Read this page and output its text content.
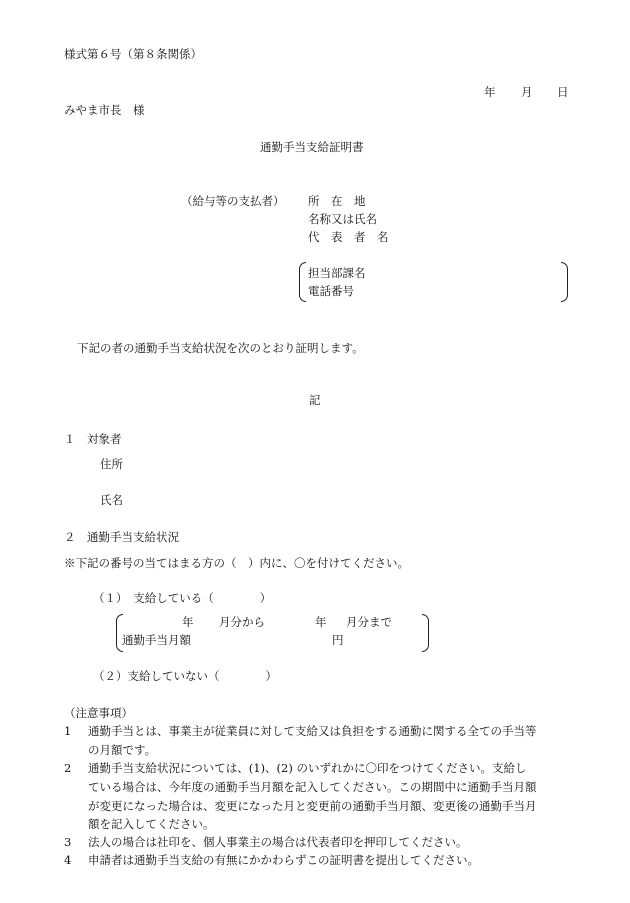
様式第６号（第８条関係）
年 月 日
みやま市長　様
通勤手当支給証明書
（給与等の支払者） 所　在　地
名称又は氏名
代　表　者　名
担当部課名
電話番号
下記の者の通勤手当支給状況を次のとおり証明します。
記
１　対象者
住所
氏名
２　通勤手当支給状況
※下記の番号の当てはまる方の（　）内に、〇を付けてください。
（１）　支給している（　　　　）
年 月分から	年 月分まで
通勤手当月額	円
（２）支給していない（　　　　）
（注意事項）
1 通勤手当とは、事業主が従業員に対して支給又は負担をする通勤に関する全ての手当等
の月額です。
2 通勤手当支給状況については、(1)、(2) のいずれかに〇印をつけてください。支給し
ている場合は、今年度の通勤手当月額を記入してください。この期間中に通勤手当月額
が変更になった場合は、変更になった月と変更前の通勤手当月額、変更後の通勤手当月
額を記入してください。
3 法人の場合は社印を、個人事業主の場合は代表者印を押印してください。
4 申請者は通勤手当支給の有無にかかわらずこの証明書を提出してください。
